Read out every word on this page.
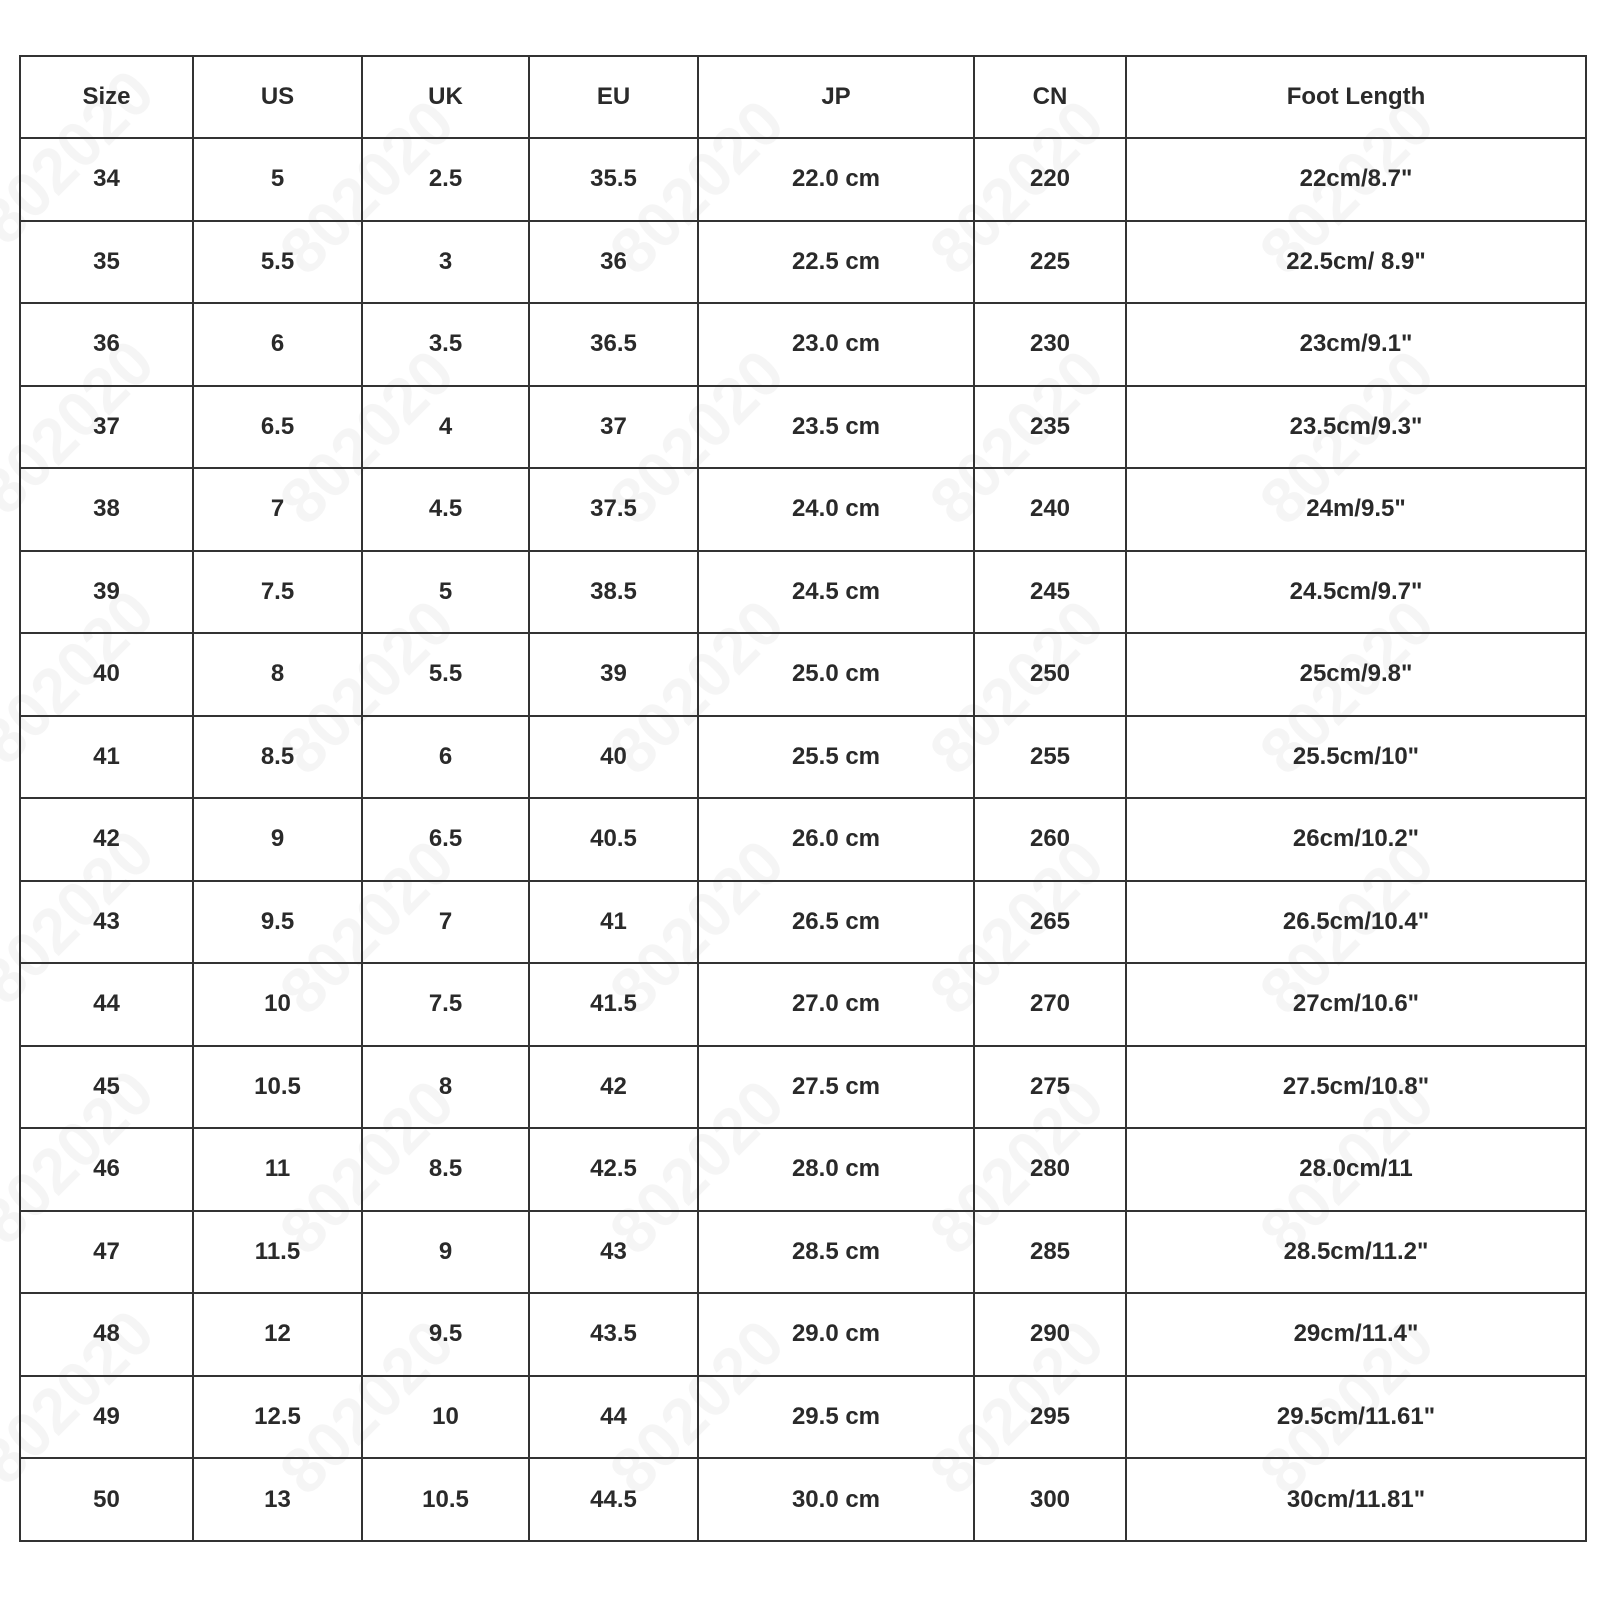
Size	US	UK	EU	JP	CN	Foot Length
34	5	2.5	35.5	22.0 cm	220	22cm/8.7"
35	5.5	3	36	22.5 cm	225	22.5cm/ 8.9"
36	6	3.5	36.5	23.0 cm	230	23cm/9.1"
37	6.5	4	37	23.5 cm	235	23.5cm/9.3"
38	7	4.5	37.5	24.0 cm	240	24m/9.5"
39	7.5	5	38.5	24.5 cm	245	24.5cm/9.7"
40	8	5.5	39	25.0 cm	250	25cm/9.8"
41	8.5	6	40	25.5 cm	255	25.5cm/10"
42	9	6.5	40.5	26.0 cm	260	26cm/10.2"
43	9.5	7	41	26.5 cm	265	26.5cm/10.4"
44	10	7.5	41.5	27.0 cm	270	27cm/10.6"
45	10.5	8	42	27.5 cm	275	27.5cm/10.8"
46	11	8.5	42.5	28.0 cm	280	28.0cm/11
47	11.5	9	43	28.5 cm	285	28.5cm/11.2"
48	12	9.5	43.5	29.0 cm	290	29cm/11.4"
49	12.5	10	44	29.5 cm	295	29.5cm/11.61"
50	13	10.5	44.5	30.0 cm	300	30cm/11.81"
